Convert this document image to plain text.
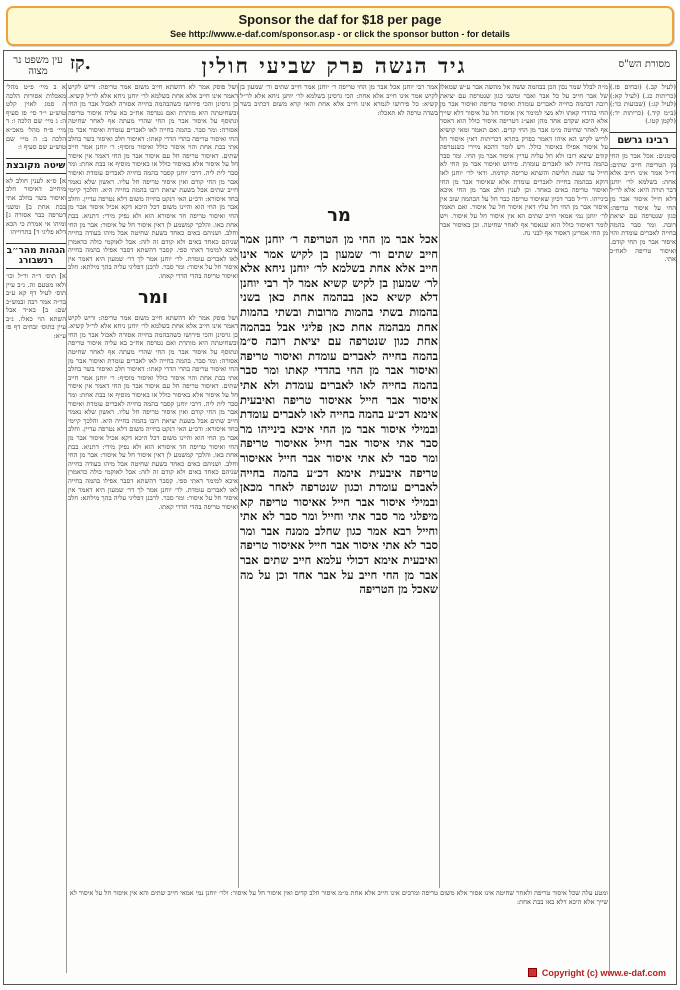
Sponsor the daf for $18 per page
See http://www.e-daf.com/sponsor.asp - or click the sponsor button - for details
עין משפט נר מצוה	קז.	גיד הנשה פרק שביעי חולין	מסורת הש"ס
א ב מיי׳ פ״ט מהל׳ מאכלות אסורות הלכה ה סמג לאוין קלט טוש״ע י״ד סי׳ פז סעיף ה: ג מיי׳ שם הלכה ו: ד מיי׳ פ״ח מהל׳ מאכ״א הלכה ב: ה מיי׳ שם טוש״ע שם סעיף ו:
שיטה מקובצת
א] ס״א לענין חולב לא מיחייב דאיסור חלב ואיסור בשר בחלב אתי בבת אחת ב] ומשני דטרפה כבר אסורה ג] ומיהו אי אמרת כי הכא דלא פליגי ד] בתרוייהו
הגהות מהר״ב רנשבורג
א] תוס׳ ד״ה ור״ל וכו׳ ולאו מטעם זה. נ״ב עיין תוס׳ לעיל דף קא ע״ב בד״ה אמר רבה ובמש״כ שם: ב] בא״ד אבל השתא הוי כאלו. נ״ב עיין בתוס׳ זבחים דף פז ע״א:
ושל פוסק אמר לא דהשתא חייב משום אמר טריפה: וריש לקיש דאמר אינו חייב אלא אחת בשלמא לר׳ יוחנן ניחא אלא לר״ל קשיא. כן גרסינן והכי פירושו כשהבהמה בחייה אסורה לאכול אבר מן החי ובשחיטתה היא מותרת ואם נטרפה אח״כ בא עליה איסור טריפה ונתוסף על איסור אבר מן החי שהרי מעתה אף לאחר שחיטה אסורה: ומר סבר. בהמה בחייה לאו לאברים עומדת ואיסור אבר מן החי ואיסור טריפה בהדי הדדי קאתו: דאיסור חלב ואיסור בשר בחלב אתי בבת אחת והוי איסור כולל ואיסור מוסיף: ר׳ יוחנן אמר חייב שתים. דאיסור טריפה חל עם איסור אבר מן החי דאמר אין איסור חל על איסור אלא באיסור כולל או באיסור מוסיף או בבת אחת: ומר סבר לית ליה. דרבי יוחנן קסבר בהמה בחייה לאברים עומדת ואיסור אבר מן החי קודם ואין איסור טריפה חל עליו. ראשון שלא נאמר חייב שתים אבל בשעת יציאת רובו בהמה בחייה היא. והלכך קיימי בחד איסורא: ודכ״ע האי דנקט בחייה משום דלא נטרפה עדיין. וחלב אבר מן החי הוא והיינו משום דכל היכא דקא אכיל איסור אבר מן החי ואיסור טריפה חד איסורא הוא ולא נפיק מידי: דתניא. בבת אחת באו. והלכך קמשמע לן דאין איסור חל על איסור: אבר מן החי וחלב. ושניהם באים כאחד בשעת שחיטה אבל מיהו בעודה בחייה שניהם כאחד באים ולא קודם זה לזה: אבל לאוקמי כולה כדאמרן איכא למימר דאתי ספי. קסבר דהשתא דסבר אפילו בהמה בחייה לאו לאברים עומדת. לר׳ יוחנן אמר לך דר׳ שמעון היא דאמר אין איסור חל על איסור: ומר סבר. לרבנן דפליגי עליה בהך מילתא: חלב ואיסור טריפה בהדי הדדי קאתו.
ומר
ושל פוסק אמר לא דהשתא חייב משום אמר טריפה: וריש לקיש דאמר אינו חייב אלא אחת בשלמא לר׳ יוחנן ניחא אלא לר״ל קשיא. כן גרסינן והכי פירושו כשהבהמה בחייה אסורה לאכול אבר מן החי ובשחיטתה היא מותרת ואם נטרפה אח״כ בא עליה איסור טריפה ונתוסף על איסור אבר מן החי שהרי מעתה אף לאחר שחיטה אסורה: ומר סבר. בהמה בחייה לאו לאברים עומדת ואיסור אבר מן החי ואיסור טריפה בהדי הדדי קאתו: דאיסור חלב ואיסור בשר בחלב אתי בבת אחת והוי איסור כולל ואיסור מוסיף: ר׳ יוחנן אמר חייב שתים. דאיסור טריפה חל עם איסור אבר מן החי דאמר אין איסור חל על איסור אלא באיסור כולל או באיסור מוסיף או בבת אחת: ומר סבר לית ליה. דרבי יוחנן קסבר בהמה בחייה לאברים עומדת ואיסור אבר מן החי קודם ואין איסור טריפה חל עליו. ראשון שלא נאמר חייב שתים אבל בשעת יציאת רובו בהמה בחייה היא. והלכך קיימי בחד איסורא: ודכ״ע האי דנקט בחייה משום דלא נטרפה עדיין. וחלב אבר מן החי הוא והיינו משום דכל היכא דקא אכיל איסור אבר מן החי ואיסור טריפה חד איסורא הוא ולא נפיק מידי: דתניא. בבת אחת באו. והלכך קמשמע לן דאין איסור חל על איסור: אבר מן החי וחלב. ושניהם באים כאחד בשעת שחיטה אבל מיהו בעודה בחייה שניהם כאחד באים ולא קודם זה לזה: אבל לאוקמי כולה כדאמרן איכא למימר דאתי ספי. קסבר דהשתא דסבר אפילו בהמה בחייה לאו לאברים עומדת. לר׳ יוחנן אמר לך דר׳ שמעון היא דאמר אין איסור חל על איסור: ומר סבר. לרבנן דפליגי עליה בהך מילתא: חלב ואיסור טריפה בהדי הדדי קאתו.
אמר רבי יוחנן אכל אבר מן החי טריפה ר׳ יוחנן אמר חייב שתים ור׳ שמעון בן לקיש אמר אינו חייב אלא אחת: הכי גרסינן בשלמא לר׳ יוחנן ניחא אלא לר״ל קשיא: כל פירושו לגמרא אינו חייב אלא אחת והאי קרא משום דכתיב בשר בשדה טרפה לא תאכלו:
מר
אכל אבר מן החי מן הטריפה ר׳ יוחנן אמר חייב שתים ור׳ שמעון בן לקיש אמר אינו חייב אלא אחת בשלמא לר׳ יוחנן ניחא אלא לר׳ שמעון בן לקיש קשיא אמר לך רבי יוחנן דלא קשיא כאן בבהמה אחת כאן בשני בהמות בשתי בהמות מרובות ובשתי בהמות אחת מבהמה אחת כאן פליגי אבל בבהמה אחת כגון שנטרפה עם יציאת רובה ס״מ בהמה בחייה לאברים עומדת ואיסור טריפה ואיסור אבר מן החי בהדדי קאתו ומר סבר בהמה בחייה לאו לאברים עומדת ולא אתי איסור אבר חייל אאיסור טריפה ואיבעית אימא דכ״ע בהמה בחייה לאו לאברים עומדת ובמילי איסור אבר מן החי איכא בינייהו מר סבר אתי איסור אבר חייל אאיסור טריפה ומר סבר לא אתי איסור אבר חייל אאיסור טריפה איבעית אימא דכ״ע בהמה בחייה לאברים עומדת וכגון שנטרפה לאחר מכאן ובמילי איסור אבר חייל אאיסור טריפה קא מיפלגי מר סבר אתי וחייל ומר סבר לא אתי וחייל רבא אמר כגון שחלב ממנה אבר ומר סבר לא אתי איסור אבר חייל אאיסור טריפה ואיבעית אימא דכולי עלמא חייב שתים אבר אבר מן החי חייב על אבר אחד וכן על מה שאכל מן הטריפה
מ״ה לבלל שמר נכון הכן בבהמה ששה אל מהשה אבר ע״ש שמאלו של אבר חייב על כל אבר ואבר ומשני כגון שנטרפה עם יציאת רובה דבהמה בחייה לאברים עומדת ואיסור טריפה ואיסור אבר מן החי בהדדי קאתו ולא מצי למימר אין איסור חל על איסור דלא שייך אלא היכא שקדם אחד מהן ואע״ג דטריפה איסור כולל הוא דאסר אף לאחר שחיטה מ״מ אבר מן החי קדים. ואם תאמר ומאי קושיא לריש לקיש הא איהו דאמר בפרק בתרא דכריתות דאין איסור חל על איסור אפילו באיסור כולל. ויש לומר דהכא מיירי כשנטרפה קודם שיצא רובו ולא חל עליה עדיין איסור אבר מן החי. ומר סבר בהמה בחייה לאו לאברים עומדת. פירוש ואיסור אבר מן החי לא חייל עד שעת תלישה והשתא טריפה קודמת. ודאי לר׳ יוחנן לאו דוקא בבהמה בחייה לאברים עומדת אלא שאיסור אבר מן החי ואיסור טריפה באים כאחד. וכן לענין חלב אבר מן החי איכא בינייהו. ור״ל סבר דכיון שאיסור טריפה כבר חל על הבהמה שוב אין איסור אבר מן החי חל עליו דאין איסור חל על איסור. ואם תאמר לר׳ יוחנן נמי אמאי חייב שתים הא אין איסור חל על איסור. ויש לומר דאיסור כולל הוא שנאסר אף לאחר שחיטה. וכן באיסור אבר מן החי אמרינן דאסור אף לבני נח.
(לעיל קב.) (זבחים פז.) (כריתות כג.) (לעיל קא:) (לעיל קג:) (שבועות כד:) (ב״מ קיד.) (כריתות יד:) (לקמן קטו.)
רבינו גרשם
סימנים: אכל אבר מן החי מן הטריפה חייב שתים: ור״ל אמר אינו חייב אלא אחת: בשלמא לר׳ יוחנן דבר תורה היא: אלא לר״ל דלא חייל איסור אבר מן החי על איסור טריפה: כגון שנטרפה עם יציאת רובה. ומר סבר בהמה בחייה לאברים עומדת והוי איסור אבר מן החי קודם. ואיסור טריפה לאח״כ אתי.
ומטע עלה שכל איסור טריפה ולאחר שחיטה אינו אסור אלא משום טריפה ומרבים אינו חייב אלא אחת מ״מ איסור חלב קדים ואין איסור חל על איסור: ולר׳ יוחנן נמי אמאי חייב שתים והא אין איסור חל על איסור לא שייך אלא היכא דלא באו בבת אחת:
Copyright (c) www.e-daf.com
